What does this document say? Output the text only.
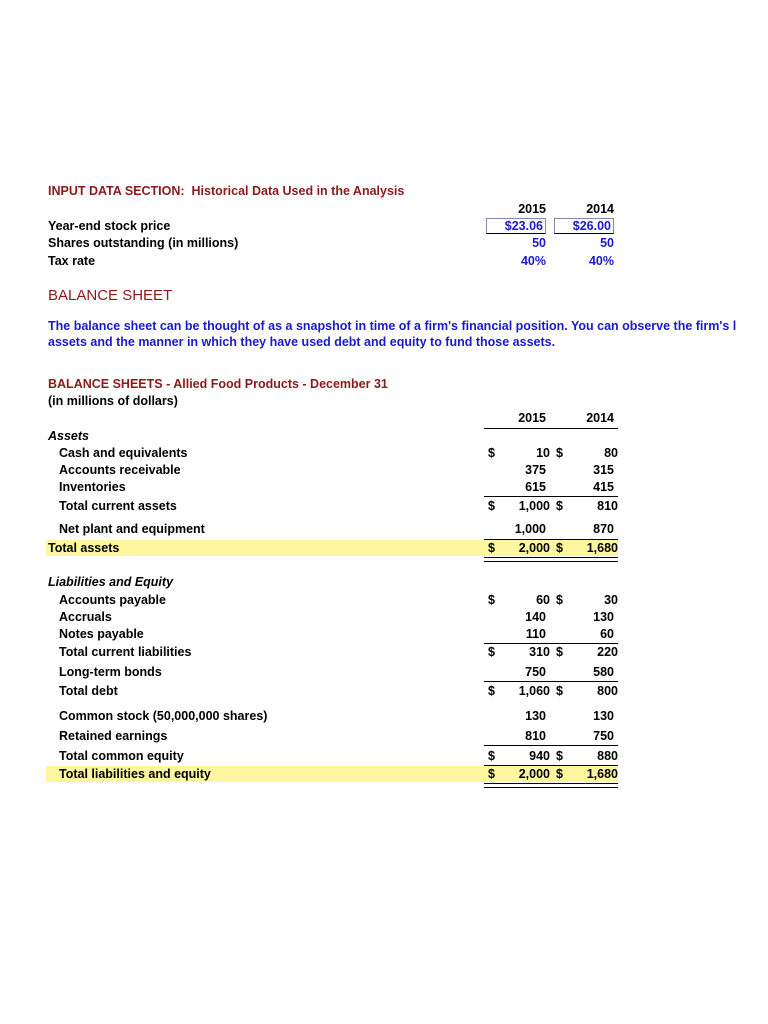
INPUT DATA SECTION: Historical Data Used in the Analysis
2015	2014
Year-end stock price	$23.06	$26.00
Shares outstanding (in millions)	50	50
Tax rate	40%	40%
BALANCE SHEET
The balance sheet can be thought of as a snapshot in time of a firm's financial position. You can observe the firm's l
assets and the manner in which they have used debt and equity to fund those assets.
BALANCE SHEETS - Allied Food Products - December 31
(in millions of dollars)
2015	2014
Assets
Cash and equivalents	$	10 $	80
Accounts receivable	375	315
Inventories	615	415
Total current assets	$	1,000 $	810
Net plant and equipment	1,000	870
Total assets	$	2,000 $	1,680
Liabilities and Equity
Accounts payable	$	60 $	30
Accruals	140	130
Notes payable	110	60
Total current liabilities	$	310 $	220
Long-term bonds	750	580
Total debt	$	1,060 $	800
Common stock (50,000,000 shares)	130	130
Retained earnings	810	750
Total common equity	$	940 $	880
Total liabilities and equity	$	2,000 $	1,680
